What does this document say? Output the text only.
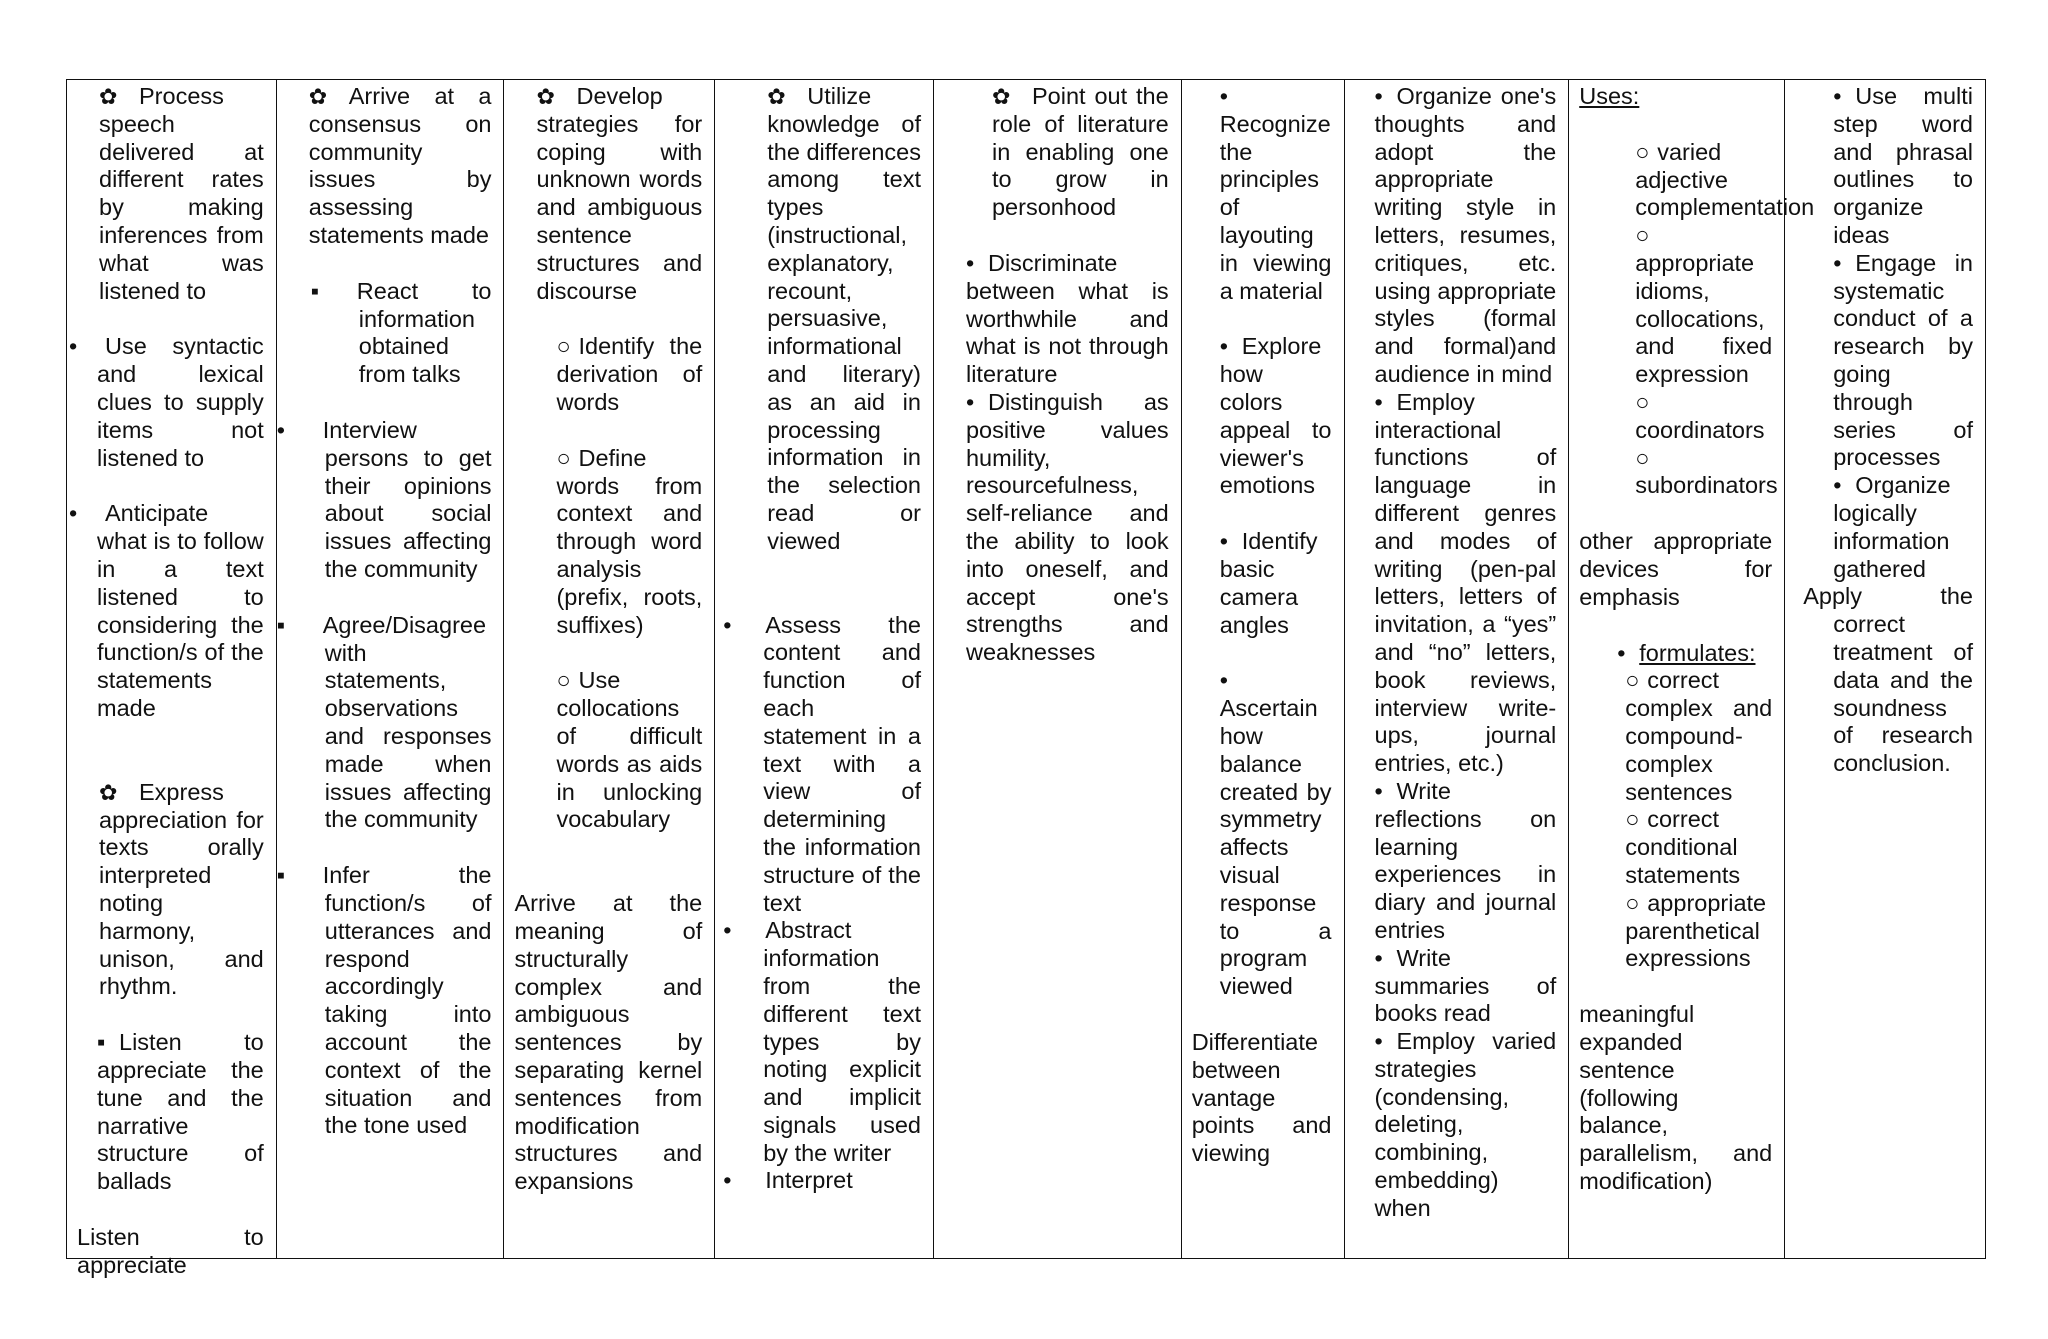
✿ Process speech delivered at different rates by making inferences from what was listened to
• Use syntactic and lexical clues to supply items not listened to
• Anticipate what is to follow in a text listened to considering the function/s of the statements made
✿ Express appreciation for texts orally interpreted noting harmony, unison, and rhythm.
▪ Listen to appreciate the tune and the narrative structure of ballads
Listen to appreciate
✿ Arrive at a consensus on community issues by assessing statements made
▪ React to information obtained from talks
• Interview persons to get their opinions about social issues affecting the community
▪ Agree/Disagree with statements, observations and responses made when issues affecting the community
▪ Infer the function/s of utterances and respond accordingly taking into account the context of the situation and the tone used
✿ Develop strategies for coping with unknown words and ambiguous sentence structures and discourse
○ Identify the derivation of words
○ Define words from context and through word analysis (prefix, roots, suffixes)
○ Use collocations of difficult words as aids in unlocking vocabulary
Arrive at the meaning of structurally complex and ambiguous sentences by separating kernel sentences from modification structures and expansions
✿ Utilize knowledge of the differences among text types (instructional, explanatory, recount, persuasive, informational and literary) as an aid in processing information in the selection read or viewed
• Assess the content and function of each statement in a text with a view of determining the information structure of the text
• Abstract information from the different text types by noting explicit and implicit signals used by the writer
• Interpret
✿ Point out the role of literature in enabling one to grow in personhood
• Discriminate between what is worthwhile and what is not through literature
• Distinguish as positive values humility, resourcefulness, self-reliance and the ability to look into oneself, and accept one's strengths and weaknesses
•Recognize the principles of layouting in viewing a material
• Explore how colors appeal to viewer's emotions
• Identify basic camera angles
•Ascertain how balance created by symmetry affects visual response to a program viewed
Differentiate between vantage points and viewing
• Organize one's thoughts and adopt the appropriate writing style in letters, resumes, critiques, etc. using appropriate styles (formal and formal)and audience in mind
• Employ interactional functions of language in different genres and modes of writing (pen-pal letters, letters of invitation, a “yes” and “no” letters, book reviews, interview write-ups, journal entries, etc.)
• Write reflections on learning experiences in diary and journal entries
• Write summaries of books read
• Employ varied strategies (condensing, deleting, combining, embedding) when
Uses:
○ varied adjective complementation
○appropriate idioms, collocations, and fixed expression
○coordinators
○subordinators
other appropriate devices for emphasis
• formulates:
○ correct complex and compound-complex sentences
○ correct conditional statements
○ appropriate parenthetical expressions
meaningful expanded sentence (following balance, parallelism, and modification)
• Use multi step word and phrasal outlines to organize ideas
• Engage in systematic conduct of a research by going through series of processes
• Organize logically information gathered
Apply the correct treatment of data and the soundness of research conclusion.
